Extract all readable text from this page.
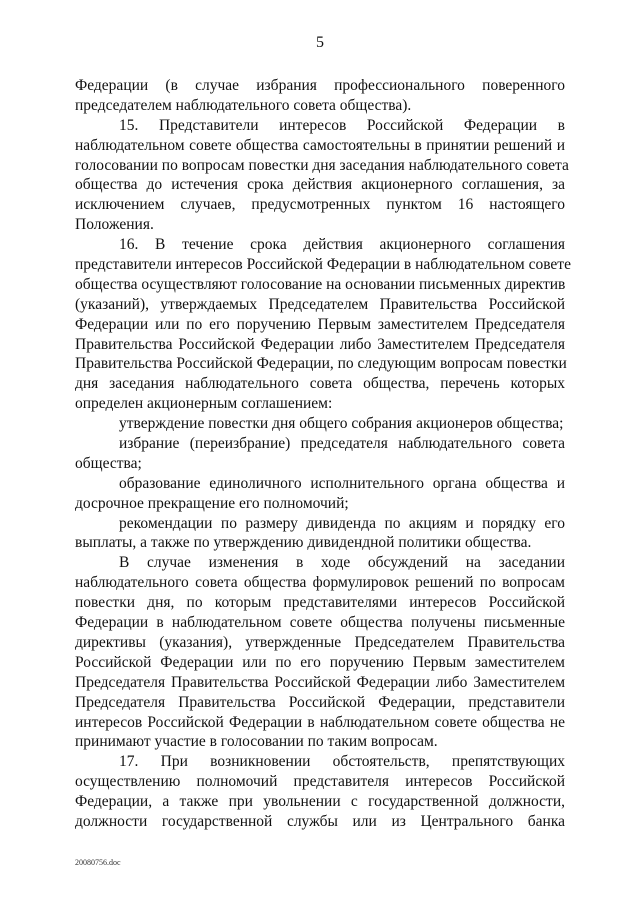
5
Федерации (в случае избрания профессионального поверенного
председателем наблюдательного совета общества).
15. Представители интересов Российской Федерации в
наблюдательном совете общества самостоятельны в принятии решений и
голосовании по вопросам повестки дня заседания наблюдательного совета
общества до истечения срока действия акционерного соглашения, за
исключением случаев, предусмотренных пунктом 16 настоящего
Положения.
16. В течение срока действия акционерного соглашения
представители интересов Российской Федерации в наблюдательном совете
общества осуществляют голосование на основании письменных директив
(указаний), утверждаемых Председателем Правительства Российской
Федерации или по его поручению Первым заместителем Председателя
Правительства Российской Федерации либо Заместителем Председателя
Правительства Российской Федерации, по следующим вопросам повестки
дня заседания наблюдательного совета общества, перечень которых
определен акционерным соглашением:
утверждение повестки дня общего собрания акционеров общества;
избрание (переизбрание) председателя наблюдательного совета
общества;
образование единоличного исполнительного органа общества и
досрочное прекращение его полномочий;
рекомендации по размеру дивиденда по акциям и порядку его
выплаты, а также по утверждению дивидендной политики общества.
В случае изменения в ходе обсуждений на заседании
наблюдательного совета общества формулировок решений по вопросам
повестки дня, по которым представителями интересов Российской
Федерации в наблюдательном совете общества получены письменные
директивы (указания), утвержденные Председателем Правительства
Российской Федерации или по его поручению Первым заместителем
Председателя Правительства Российской Федерации либо Заместителем
Председателя Правительства Российской Федерации, представители
интересов Российской Федерации в наблюдательном совете общества не
принимают участие в голосовании по таким вопросам.
17. При возникновении обстоятельств, препятствующих
осуществлению полномочий представителя интересов Российской
Федерации, а также при увольнении с государственной должности,
должности государственной службы или из Центрального банка
20080756.doc
